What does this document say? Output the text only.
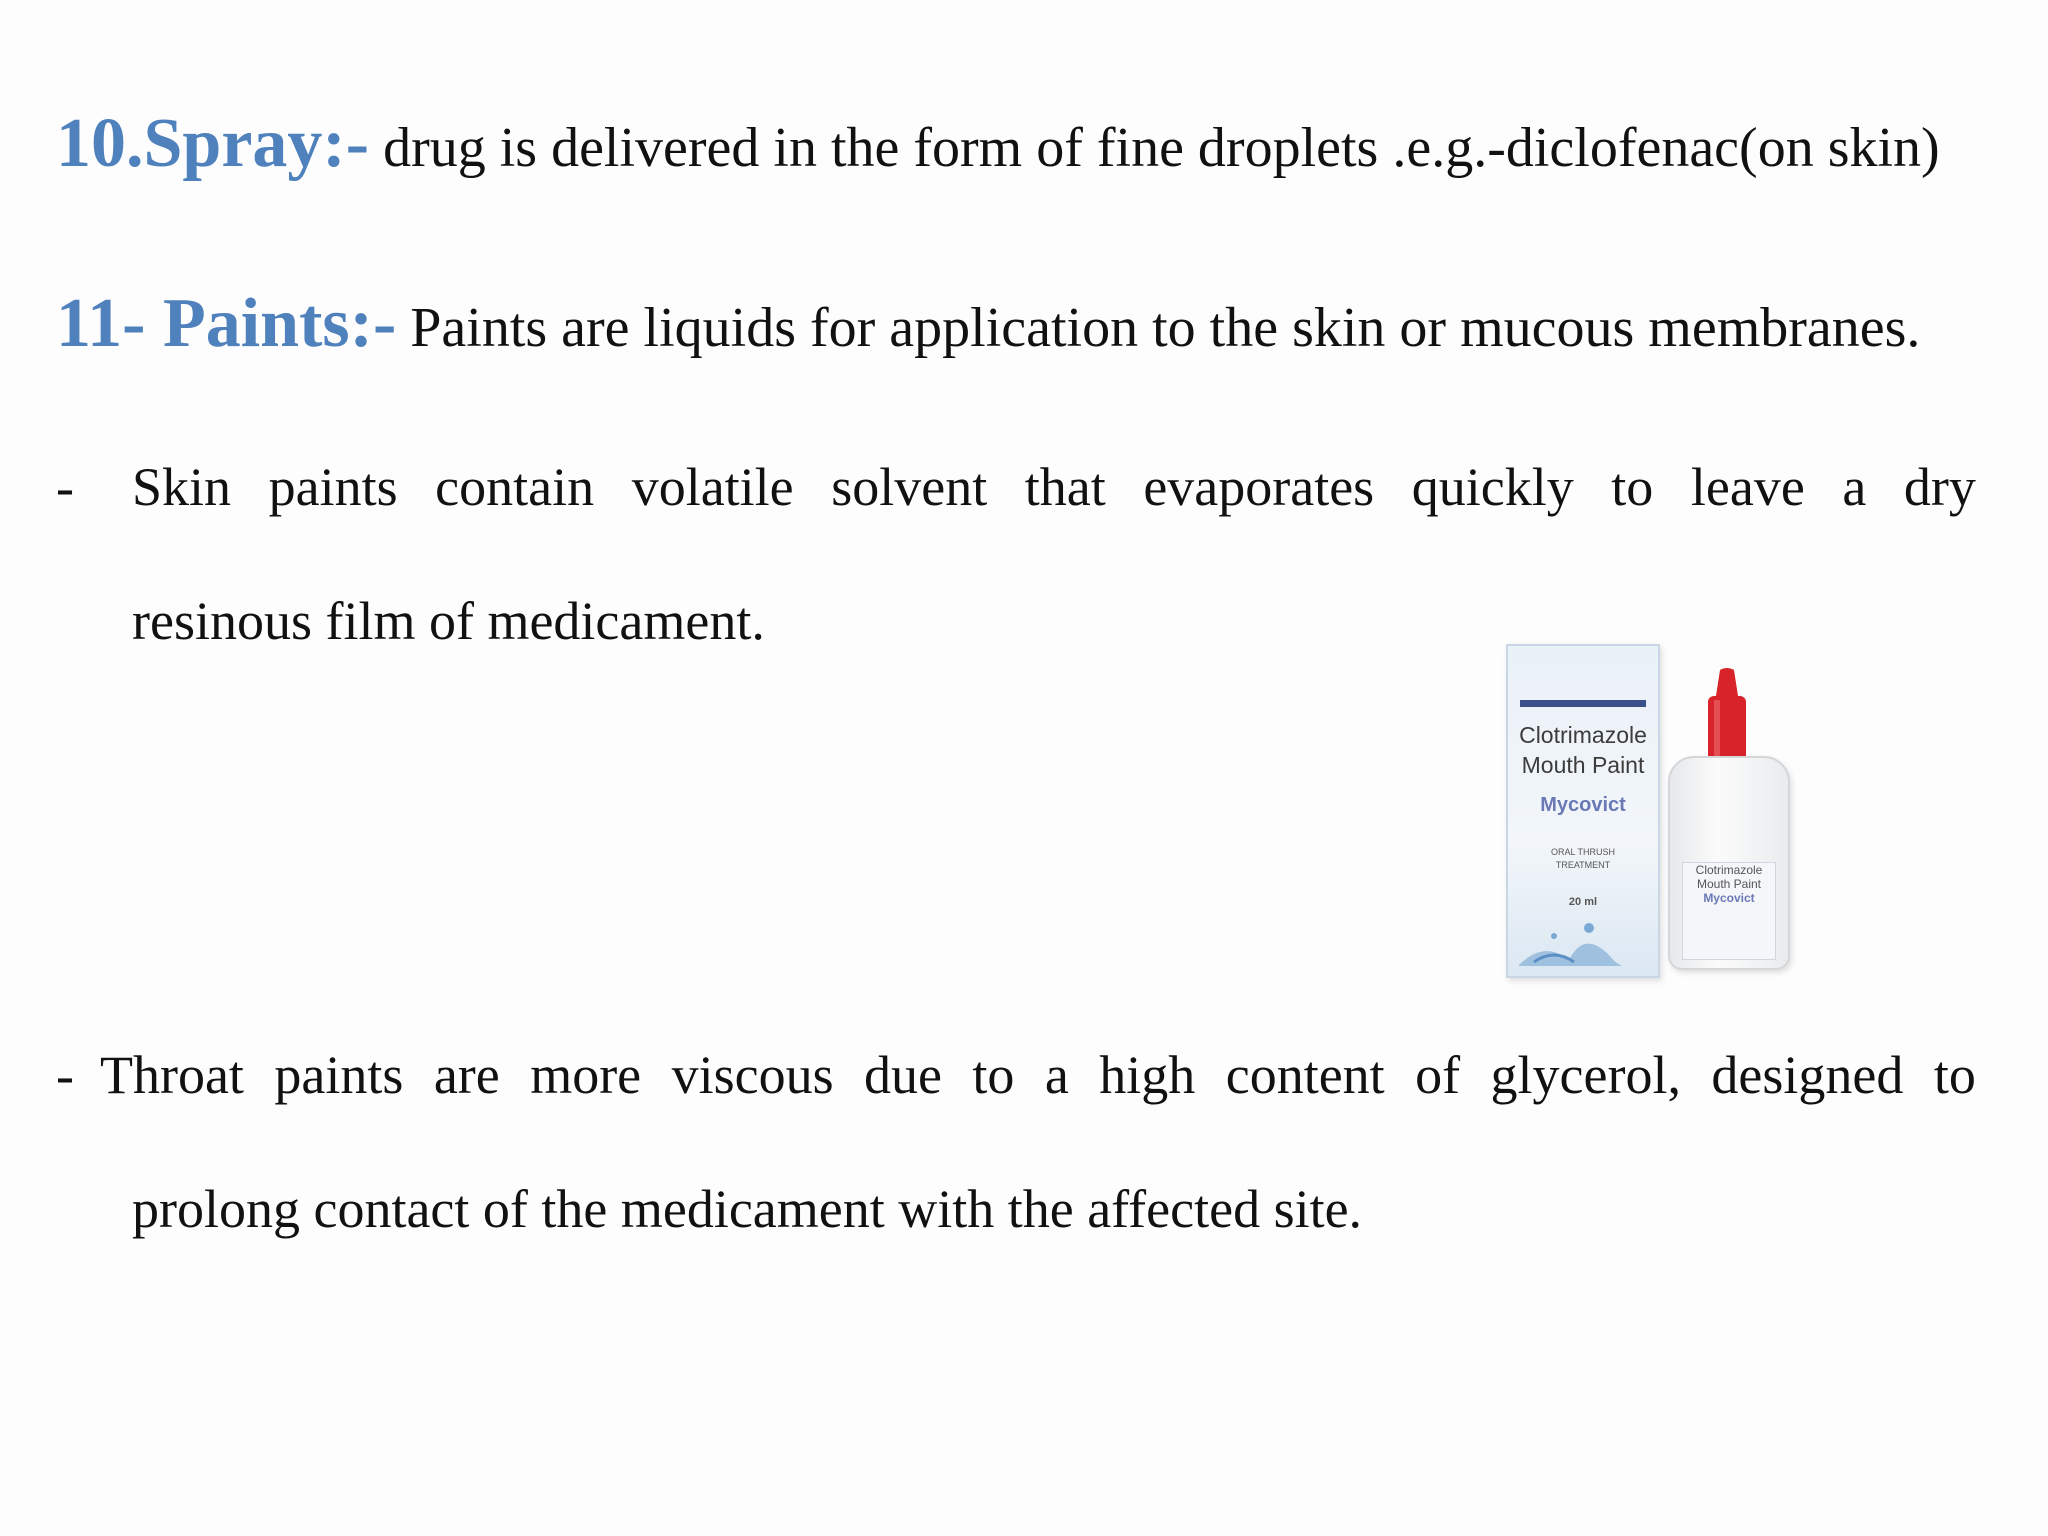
10.Spray:- drug is delivered in the form of fine droplets .e.g.-diclofenac(on skin)
11- Paints:- Paints are liquids for application to the skin or mucous membranes.
- Skin paints contain volatile solvent that evaporates quickly to leave a dry
resinous film of medicament.
- Throat paints are more viscous due to a high content of glycerol, designed to
prolong contact of the medicament with the affected site.
Clotrimazole
Mouth Paint
Mycovict
ORAL THRUSH
TREATMENT
20 ml
Clotrimazole
Mouth Paint
Mycovict
